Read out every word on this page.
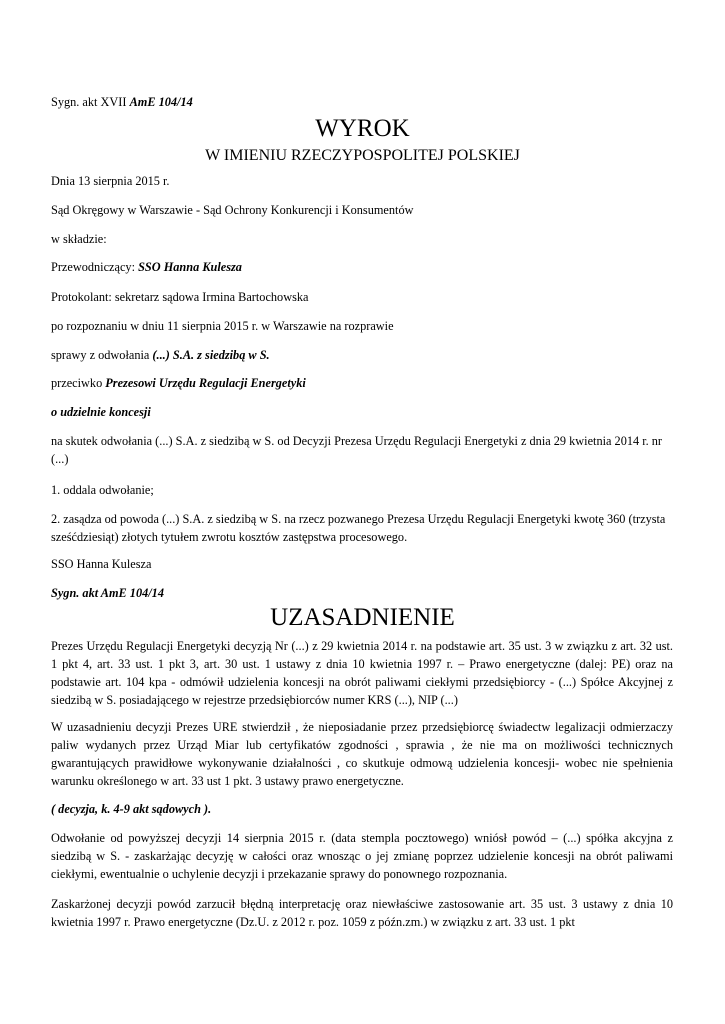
Sygn. akt XVII AmE 104/14

WYROK
W IMIENIU RZECZYPOSPOLITEJ POLSKIEJ

Dnia 13 sierpnia 2015 r.

Sąd Okręgowy w Warszawie - Sąd Ochrony Konkurencji i Konsumentów

w składzie:

Przewodniczący: SSO Hanna Kulesza

Protokolant: sekretarz sądowa Irmina Bartochowska

po rozpoznaniu w dniu 11 sierpnia 2015 r. w Warszawie na rozprawie

sprawy z odwołania (...) S.A. z siedzibą w S.

przeciwko Prezesowi Urzędu Regulacji Energetyki

o udzielnie koncesji

na skutek odwołania (...) S.A. z siedzibą w S. od Decyzji Prezesa Urzędu Regulacji Energetyki z dnia 29 kwietnia 2014 r. nr (...)

1. oddala odwołanie;

2. zasądza od powoda (...) S.A. z siedzibą w S. na rzecz pozwanego Prezesa Urzędu Regulacji Energetyki kwotę 360 (trzysta sześćdziesiąt) złotych tytułem zwrotu kosztów zastępstwa procesowego.

SSO Hanna Kulesza

Sygn. akt AmE 104/14

UZASADNIENIE

Prezes Urzędu Regulacji Energetyki decyzją Nr (...) z 29 kwietnia 2014 r. na podstawie art. 35 ust. 3 w związku z art. 32 ust. 1 pkt 4, art. 33 ust. 1 pkt 3, art. 30 ust. 1 ustawy z dnia 10 kwietnia 1997 r. – Prawo energetyczne (dalej: PE) oraz na podstawie art. 104 kpa - odmówił udzielenia koncesji na obrót paliwami ciekłymi przedsiębiorcy - (...) Spółce Akcyjnej z siedzibą w S. posiadającego w rejestrze przedsiębiorców numer KRS (...), NIP (...)

W uzasadnieniu decyzji Prezes URE stwierdził , że nieposiadanie przez przedsiębiorcę świadectw legalizacji odmierzaczy paliw wydanych przez Urząd Miar lub certyfikatów zgodności , sprawia , że nie ma on możliwości technicznych gwarantujących prawidłowe wykonywanie działalności , co skutkuje odmową udzielenia koncesji- wobec nie spełnienia warunku określonego w art. 33 ust 1 pkt. 3 ustawy prawo energetyczne.

( decyzja, k. 4-9 akt sądowych ).

Odwołanie od powyższej decyzji 14 sierpnia 2015 r. (data stempla pocztowego) wniósł powód – (...) spółka akcyjna z siedzibą w S. - zaskarżając decyzję w całości oraz wnosząc o jej zmianę poprzez udzielenie koncesji na obrót paliwami ciekłymi, ewentualnie o uchylenie decyzji i przekazanie sprawy do ponownego rozpoznania.

Zaskarżonej decyzji powód zarzucił błędną interpretację oraz niewłaściwe zastosowanie art. 35 ust. 3 ustawy z dnia 10 kwietnia 1997 r. Prawo energetyczne (Dz.U. z 2012 r. poz. 1059 z późn.zm.) w związku z art. 33 ust. 1 pkt
